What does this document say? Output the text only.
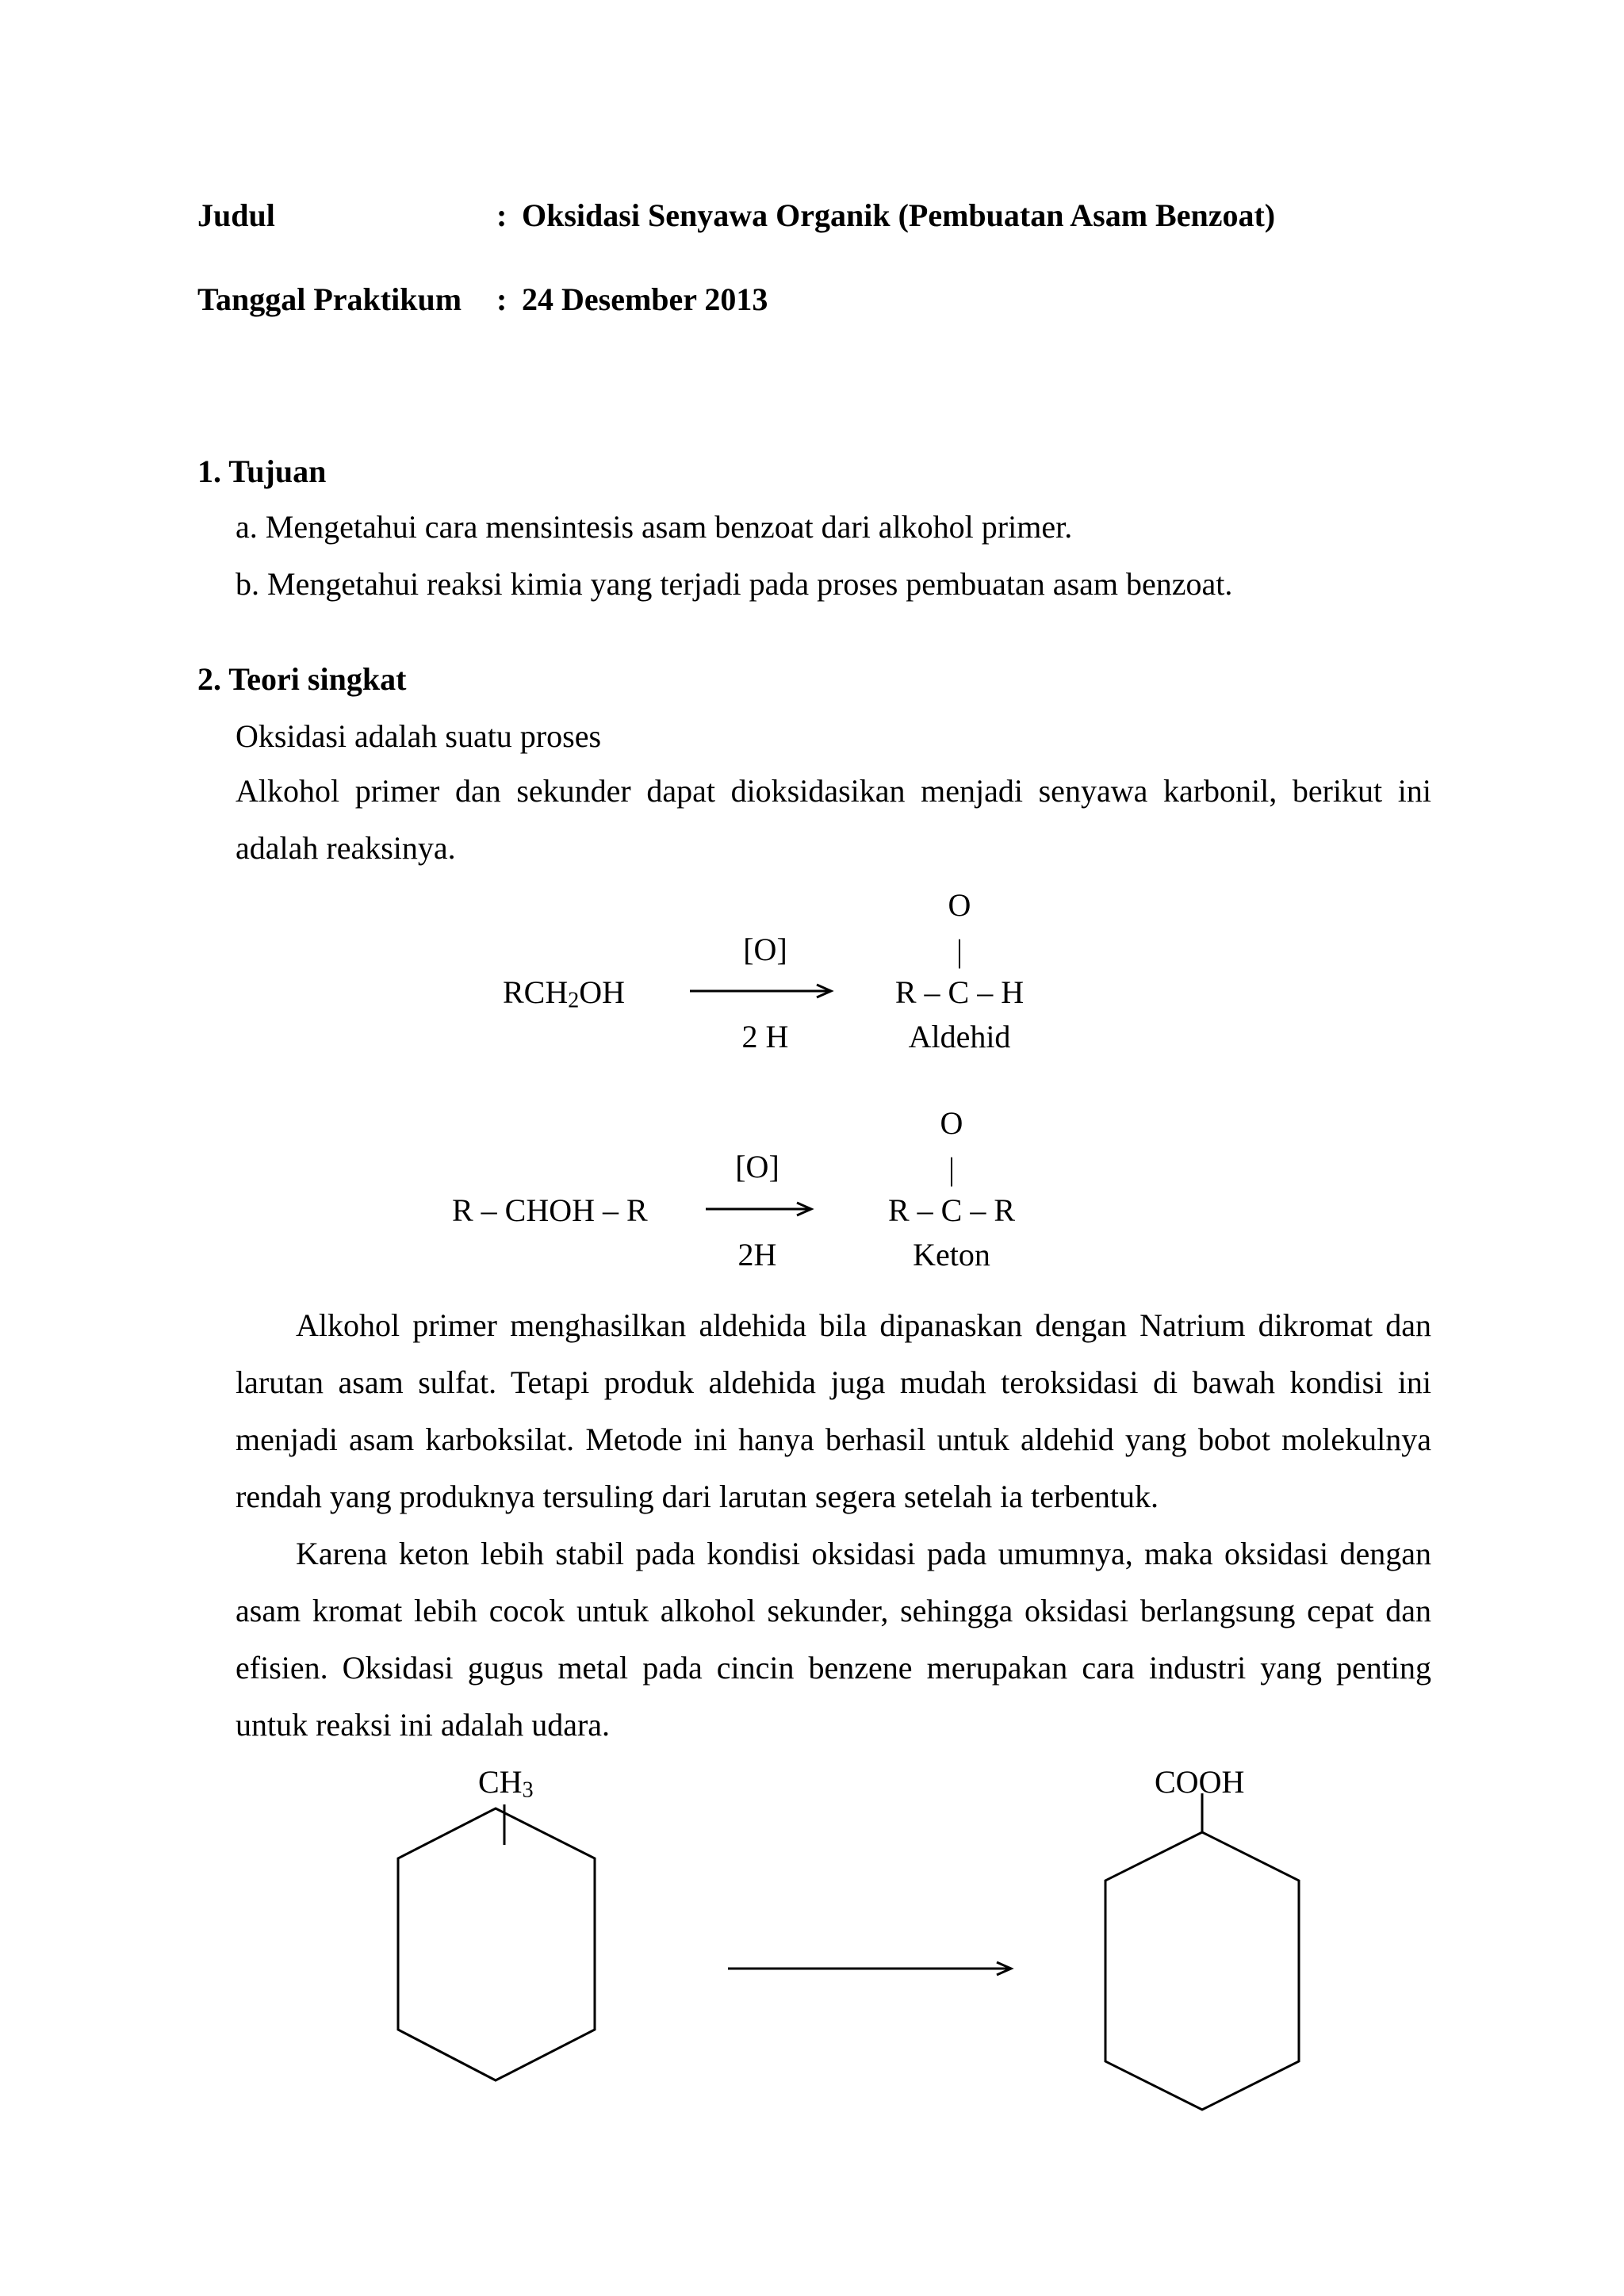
Judul	: Oksidasi Senyawa Organik (Pembuatan Asam Benzoat)
Tanggal Praktikum : 24 Desember 2013
1. Tujuan
a. Mengetahui cara mensintesis asam benzoat dari alkohol primer.
b. Mengetahui reaksi kimia yang terjadi pada proses pembuatan asam benzoat.
2. Teori singkat
Oksidasi adalah suatu proses

Alkohol primer dan sekunder dapat dioksidasikan menjadi senyawa karbonil, berikut ini adalah reaksinya.

$RCH_2OH$
[O]
2 H
O
|
R – C – H
Aldehid
R – CHOH – R
[O]
2H
O
|
R – C – R
Keton

Alkohol primer menghasilkan aldehida bila dipanaskan dengan Natrium dikromat dan larutan asam sulfat. Tetapi produk aldehida juga mudah teroksidasi di bawah kondisi ini menjadi asam karboksilat. Metode ini hanya berhasil untuk aldehid yang bobot molekulnya rendah yang produknya tersuling dari larutan segera setelah ia terbentuk.

Karena keton lebih stabil pada kondisi oksidasi pada umumnya, maka oksidasi dengan asam kromat lebih cocok untuk alkohol sekunder, sehingga oksidasi berlangsung cepat dan efisien. Oksidasi gugus metal pada cincin benzene merupakan cara industri yang penting untuk reaksi ini adalah udara.

$CH_3$	COOH
